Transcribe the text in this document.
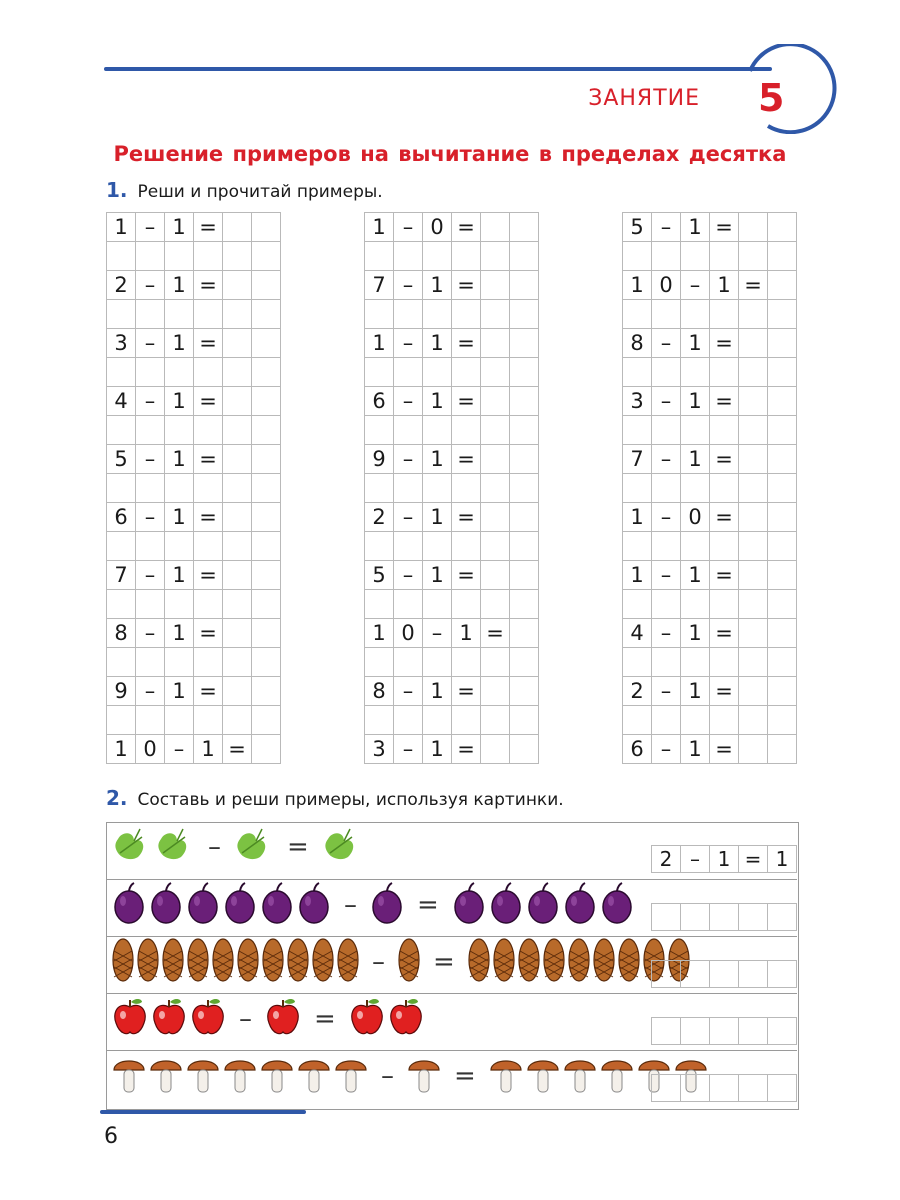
ЗАНЯТИЕ 5
Решение примеров на вычитание в пределах десятка
1. Реши и прочитай примеры.
1 – 1 =
2 – 1 =
3 – 1 =
4 – 1 =
5 – 1 =
6 – 1 =
7 – 1 =
8 – 1 =
9 – 1 =
1 0 – 1 =
1 – 0 =
7 – 1 =
1 – 1 =
6 – 1 =
9 – 1 =
2 – 1 =
5 – 1 =
1 0 – 1 =
8 – 1 =
3 – 1 =
5 – 1 =
1 0 – 1 =
8 – 1 =
3 – 1 =
7 – 1 =
1 – 0 =
1 – 1 =
4 – 1 =
2 – 1 =
6 – 1 =
2. Составь и реши примеры, используя картинки.
–	=	2 – 1 = 1
– =
– =
– =
– =
6
